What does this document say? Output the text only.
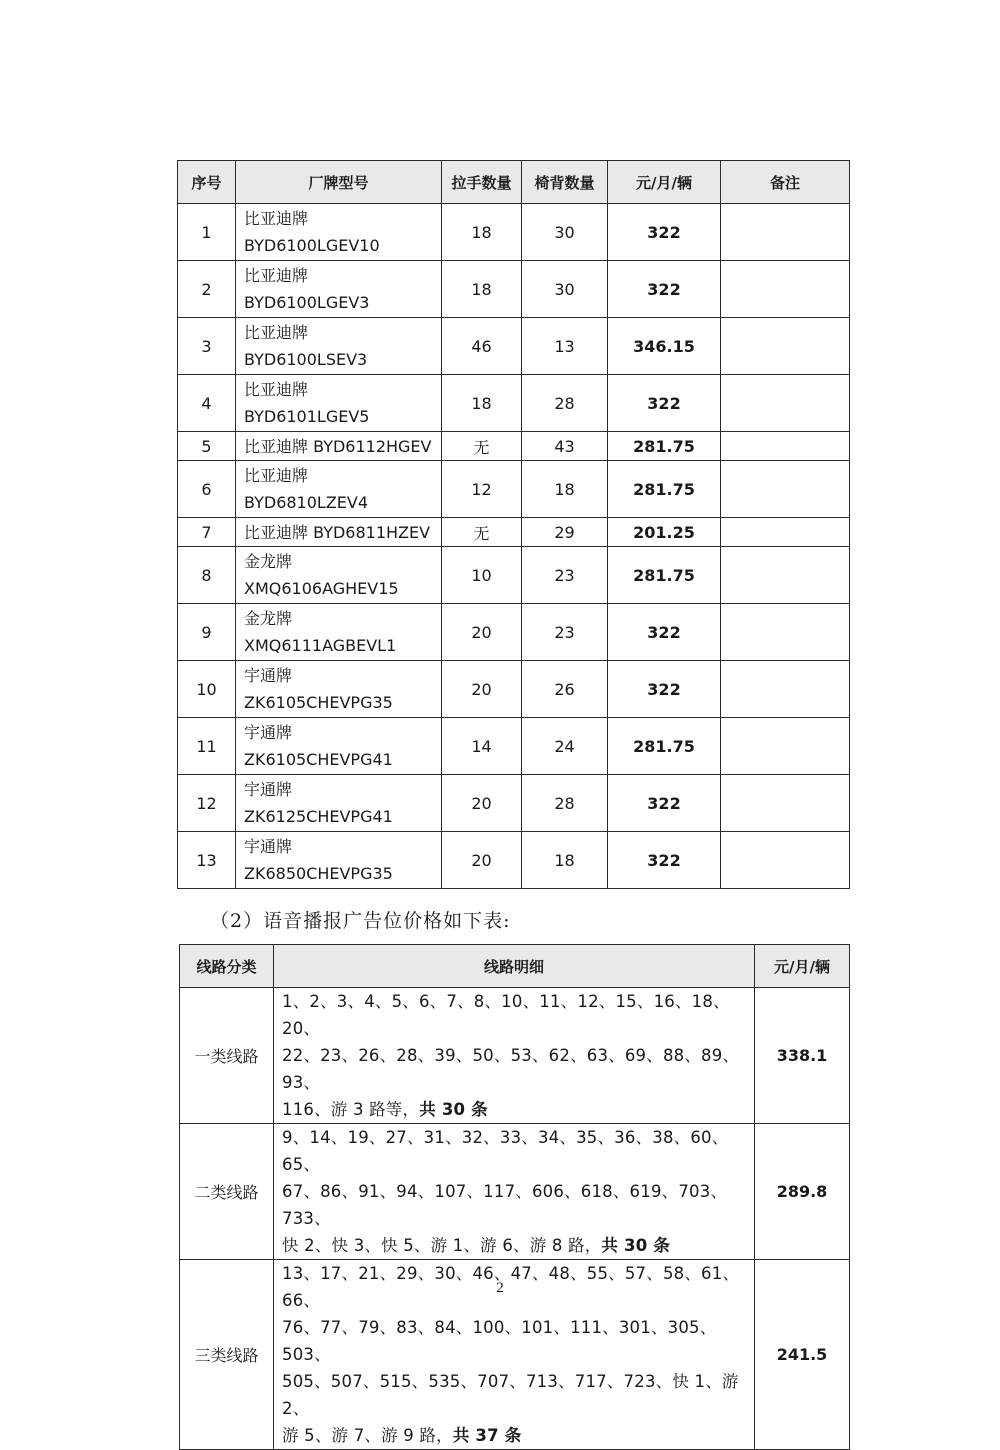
序号	厂牌型号	拉手数量	椅背数量	元/月/辆	备注
1	比亚迪牌
BYD6100LGEV10	18	30	322	
2	比亚迪牌
BYD6100LGEV3	18	30	322	
3	比亚迪牌
BYD6100LSEV3	46	13	346.15	
4	比亚迪牌
BYD6101LGEV5	18	28	322	
5	比亚迪牌 BYD6112HGEV	无	43	281.75	
6	比亚迪牌
BYD6810LZEV4	12	18	281.75	
7	比亚迪牌 BYD6811HZEV	无	29	201.25	
8	金龙牌
XMQ6106AGHEV15	10	23	281.75	
9	金龙牌
XMQ6111AGBEVL1	20	23	322	
10	宇通牌
ZK6105CHEVPG35	20	26	322	
11	宇通牌
ZK6105CHEVPG41	14	24	281.75	
12	宇通牌
ZK6125CHEVPG41	20	28	322	
13	宇通牌
ZK6850CHEVPG35	20	18	322	
（2）语音播报广告位价格如下表:
线路分类	线路明细	元/月/辆
一类线路	1、2、3、4、5、6、7、8、10、11、12、15、16、18、20、
22、23、26、28、39、50、53、62、63、69、88、89、93、
116、游 3 路等，共 30 条	338.1
二类线路	9、14、19、27、31、32、33、34、35、36、38、60、65、
67、86、91、94、107、117、606、618、619、703、733、
快 2、快 3、快 5、游 1、游 6、游 8 路，共 30 条	289.8
三类线路	13、17、21、29、30、46、47、48、55、57、58、61、66、
76、77、79、83、84、100、101、111、301、305、503、
505、507、515、535、707、713、717、723、快 1、游 2、
游 5、游 7、游 9 路，共 37 条	241.5
2
